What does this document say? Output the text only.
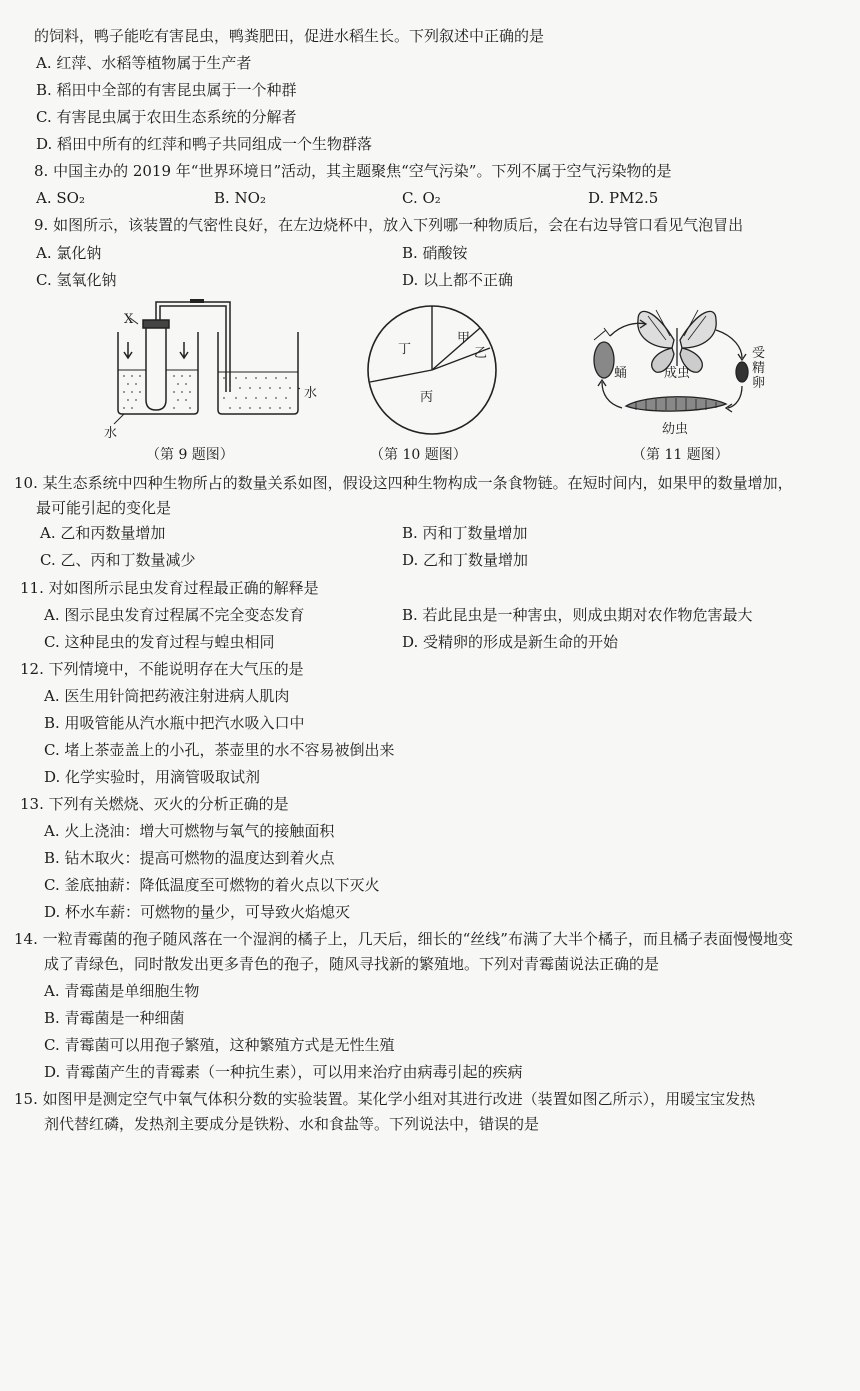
的饲料，鸭子能吃有害昆虫，鸭粪肥田，促进水稻生长。下列叙述中正确的是
A. 红萍、水稻等植物属于生产者
B. 稻田中全部的有害昆虫属于一个种群
C. 有害昆虫属于农田生态系统的分解者
D. 稻田中所有的红萍和鸭子共同组成一个生物群落
8. 中国主办的 2019 年“世界环境日”活动，其主题聚焦“空气污染”。下列不属于空气污染物的是
A. SO₂	B. NO₂	C. O₂	D. PM2.5
9. 如图所示，该装置的气密性良好，在左边烧杯中，放入下列哪一种物质后，会在右边导管口看见气泡冒出
A. 氯化钠	B. 硝酸铵
C. 氢氧化钠	D. 以上都不正确
X
水
水
（第 9 题图）
甲
乙
丁
丙
（第 10 题图）
蛹	成虫
受精卵
幼虫
（第 11 题图）
10. 某生态系统中四种生物所占的数量关系如图，假设这四种生物构成一条食物链。在短时间内，如果甲的数量增加，
最可能引起的变化是
A. 乙和丙数量增加	B. 丙和丁数量增加
C. 乙、丙和丁数量减少	D. 乙和丁数量增加
11. 对如图所示昆虫发育过程最正确的解释是
A. 图示昆虫发育过程属不完全变态发育	B. 若此昆虫是一种害虫，则成虫期对农作物危害最大
C. 这种昆虫的发育过程与蝗虫相同	D. 受精卵的形成是新生命的开始
12. 下列情境中，不能说明存在大气压的是
A. 医生用针筒把药液注射进病人肌肉
B. 用吸管能从汽水瓶中把汽水吸入口中
C. 堵上茶壶盖上的小孔，茶壶里的水不容易被倒出来
D. 化学实验时，用滴管吸取试剂
13. 下列有关燃烧、灭火的分析正确的是
A. 火上浇油：增大可燃物与氧气的接触面积
B. 钻木取火：提高可燃物的温度达到着火点
C. 釜底抽薪：降低温度至可燃物的着火点以下灭火
D. 杯水车薪：可燃物的量少，可导致火焰熄灭
14. 一粒青霉菌的孢子随风落在一个湿润的橘子上，几天后，细长的“丝线”布满了大半个橘子，而且橘子表面慢慢地变
成了青绿色，同时散发出更多青色的孢子，随风寻找新的繁殖地。下列对青霉菌说法正确的是
A. 青霉菌是单细胞生物
B. 青霉菌是一种细菌
C. 青霉菌可以用孢子繁殖，这种繁殖方式是无性生殖
D. 青霉菌产生的青霉素（一种抗生素），可以用来治疗由病毒引起的疾病
15. 如图甲是测定空气中氧气体积分数的实验装置。某化学小组对其进行改进（装置如图乙所示），用暖宝宝发热
剂代替红磷，发热剂主要成分是铁粉、水和食盐等。下列说法中，错误的是
